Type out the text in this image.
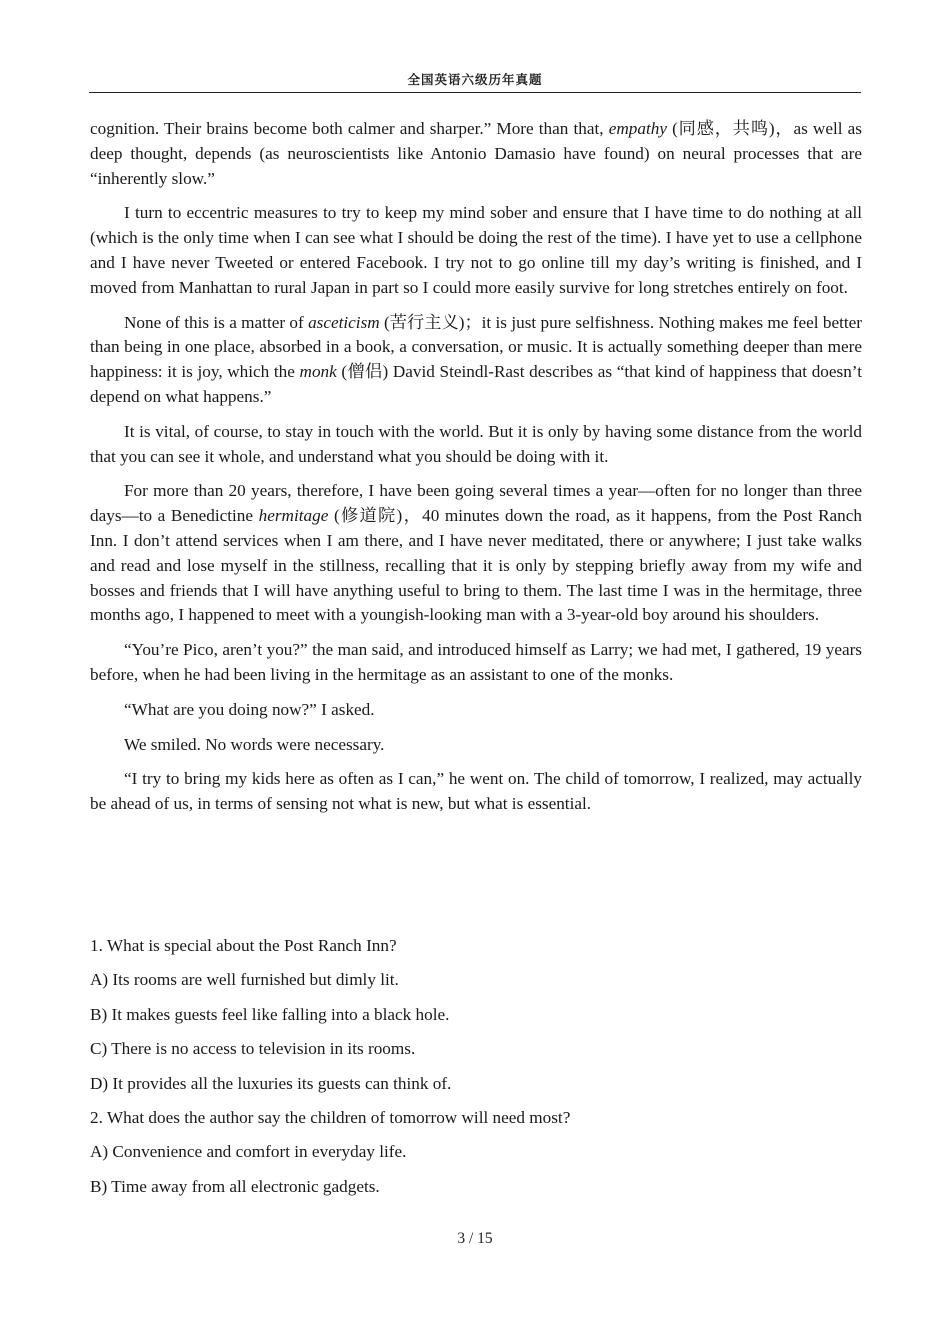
全国英语六级历年真题

cognition. Their brains become both calmer and sharper.” More than that, empathy (同感，共鸣)，as well as deep thought, depends (as neuroscientists like Antonio Damasio have found) on neural processes that are “inherently slow.”

I turn to eccentric measures to try to keep my mind sober and ensure that I have time to do nothing at all (which is the only time when I can see what I should be doing the rest of the time). I have yet to use a cellphone and I have never Tweeted or entered Facebook. I try not to go online till my day’s writing is finished, and I moved from Manhattan to rural Japan in part so I could more easily survive for long stretches entirely on foot.

None of this is a matter of asceticism (苦行主义)；it is just pure selfishness. Nothing makes me feel better than being in one place, absorbed in a book, a conversation, or music. It is actually something deeper than mere happiness: it is joy, which the monk (僧侣) David Steindl-Rast describes as “that kind of happiness that doesn’t depend on what happens.”

It is vital, of course, to stay in touch with the world. But it is only by having some distance from the world that you can see it whole, and understand what you should be doing with it.

For more than 20 years, therefore, I have been going several times a year—often for no longer than three days—to a Benedictine hermitage (修道院)，40 minutes down the road, as it happens, from the Post Ranch Inn. I don’t attend services when I am there, and I have never meditated, there or anywhere; I just take walks and read and lose myself in the stillness, recalling that it is only by stepping briefly away from my wife and bosses and friends that I will have anything useful to bring to them. The last time I was in the hermitage, three months ago, I happened to meet with a youngish-looking man with a 3-year-old boy around his shoulders.

“You’re Pico, aren’t you?” the man said, and introduced himself as Larry; we had met, I gathered, 19 years before, when he had been living in the hermitage as an assistant to one of the monks.

“What are you doing now?” I asked.

We smiled. No words were necessary.

“I try to bring my kids here as often as I can,” he went on. The child of tomorrow, I realized, may actually be ahead of us, in terms of sensing not what is new, but what is essential.

1. What is special about the Post Ranch Inn?
A) Its rooms are well furnished but dimly lit.
B) It makes guests feel like falling into a black hole.
C) There is no access to television in its rooms.
D) It provides all the luxuries its guests can think of.
2. What does the author say the children of tomorrow will need most?
A) Convenience and comfort in everyday life.
B) Time away from all electronic gadgets.
3 / 15
